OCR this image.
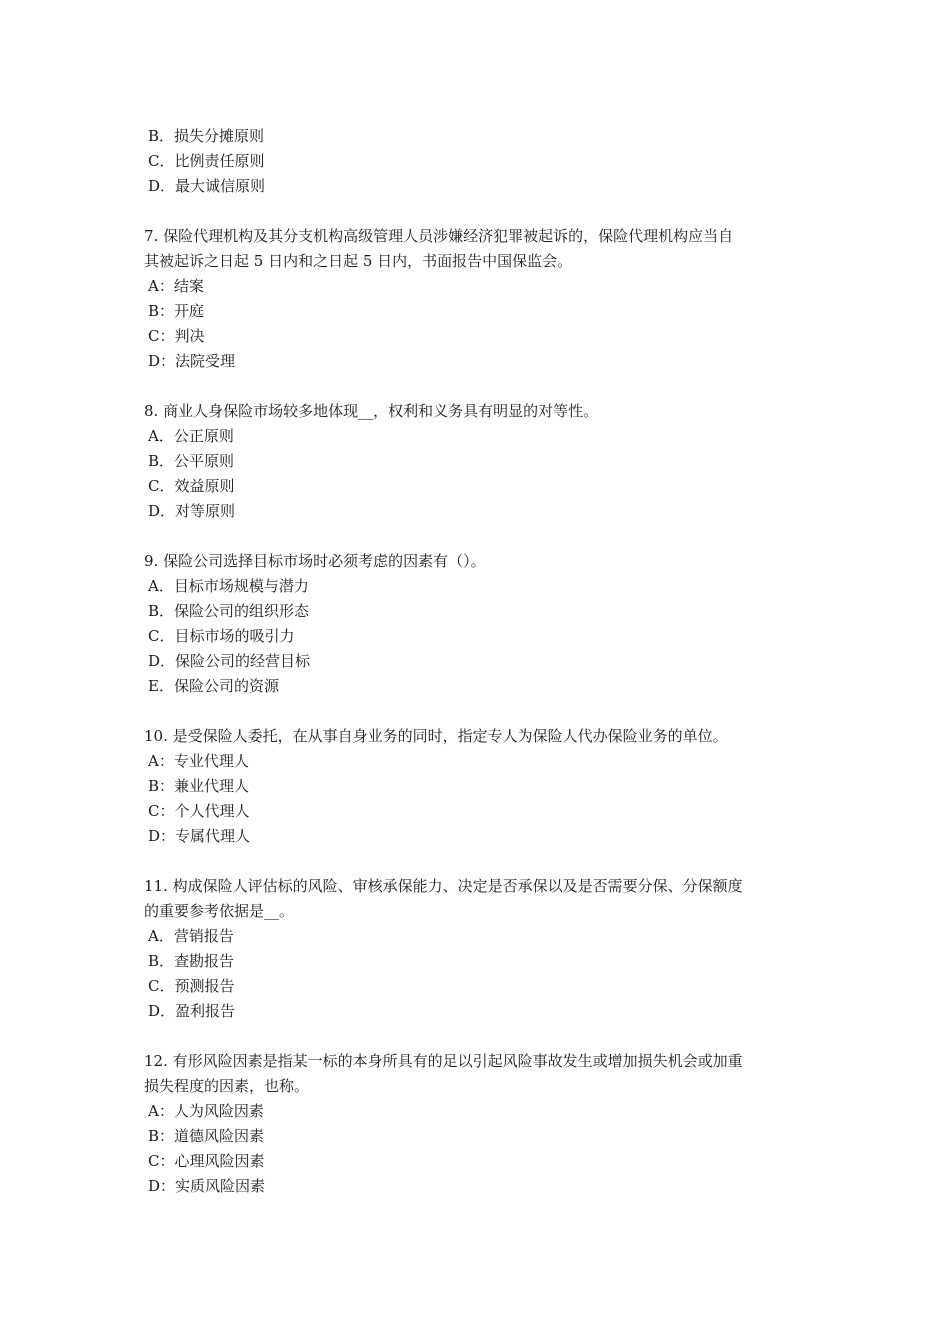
B．损失分摊原则

C．比例责任原则

D．最大诚信原则

7. 保险代理机构及其分支机构高级管理人员涉嫌经济犯罪被起诉的，保险代理机构应当自

其被起诉之日起 5 日内和之日起 5 日内，书面报告中国保监会。

A：结案

B：开庭

C：判决

D：法院受理

8. 商业人身保险市场较多地体现__，权利和义务具有明显的对等性。

A．公正原则

B．公平原则

C．效益原则

D．对等原则

9. 保险公司选择目标市场时必须考虑的因素有（）。

A．目标市场规模与潜力

B．保险公司的组织形态

C．目标市场的吸引力

D．保险公司的经营目标

E．保险公司的资源

10. 是受保险人委托，在从事自身业务的同时，指定专人为保险人代办保险业务的单位。

A：专业代理人

B：兼业代理人

C：个人代理人

D：专属代理人

11. 构成保险人评估标的风险、审核承保能力、决定是否承保以及是否需要分保、分保额度

的重要参考依据是__。

A．营销报告

B．查勘报告

C．预测报告

D．盈利报告

12. 有形风险因素是指某一标的本身所具有的足以引起风险事故发生或增加损失机会或加重

损失程度的因素，也称。

A：人为风险因素

B：道德风险因素

C：心理风险因素

D：实质风险因素
